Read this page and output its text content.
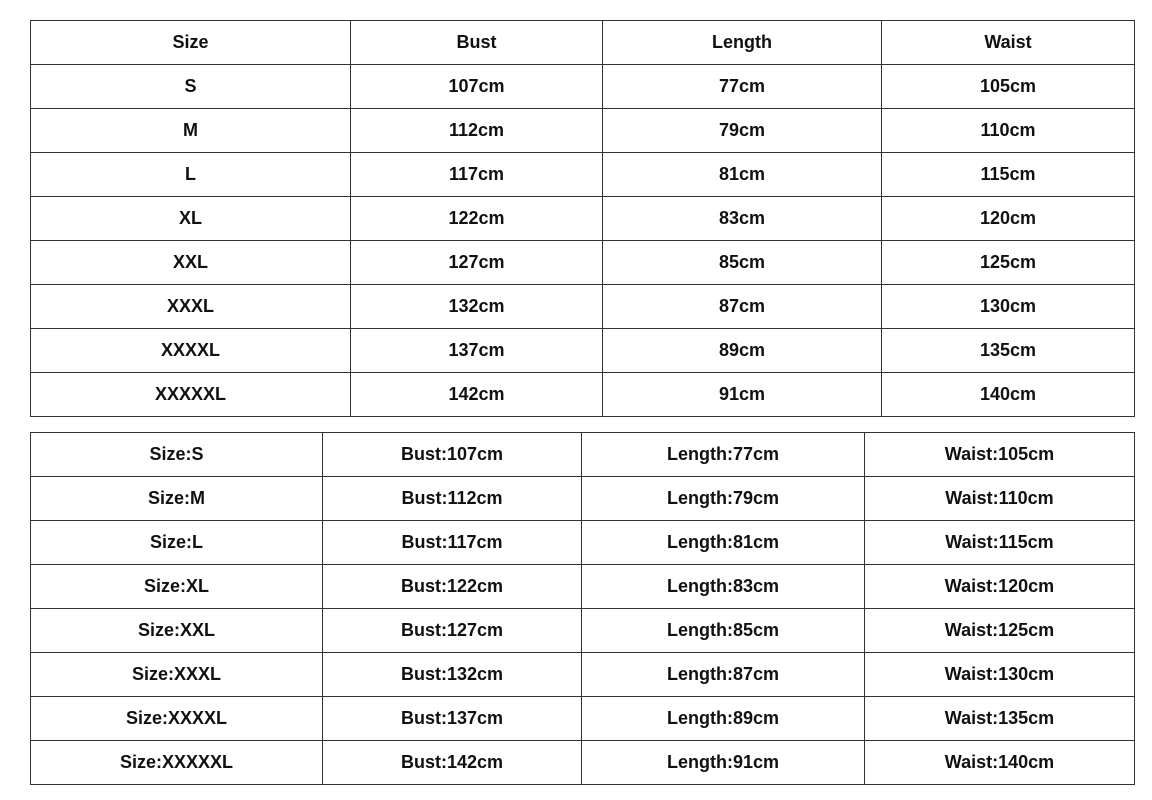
Size	Bust	Length	Waist
S	107cm	77cm	105cm
M	112cm	79cm	110cm
L	117cm	81cm	115cm
XL	122cm	83cm	120cm
XXL	127cm	85cm	125cm
XXXL	132cm	87cm	130cm
XXXXL	137cm	89cm	135cm
XXXXXL	142cm	91cm	140cm
Size:S	Bust:107cm	Length:77cm	Waist:105cm
Size:M	Bust:112cm	Length:79cm	Waist:110cm
Size:L	Bust:117cm	Length:81cm	Waist:115cm
Size:XL	Bust:122cm	Length:83cm	Waist:120cm
Size:XXL	Bust:127cm	Length:85cm	Waist:125cm
Size:XXXL	Bust:132cm	Length:87cm	Waist:130cm
Size:XXXXL	Bust:137cm	Length:89cm	Waist:135cm
Size:XXXXXL	Bust:142cm	Length:91cm	Waist:140cm
